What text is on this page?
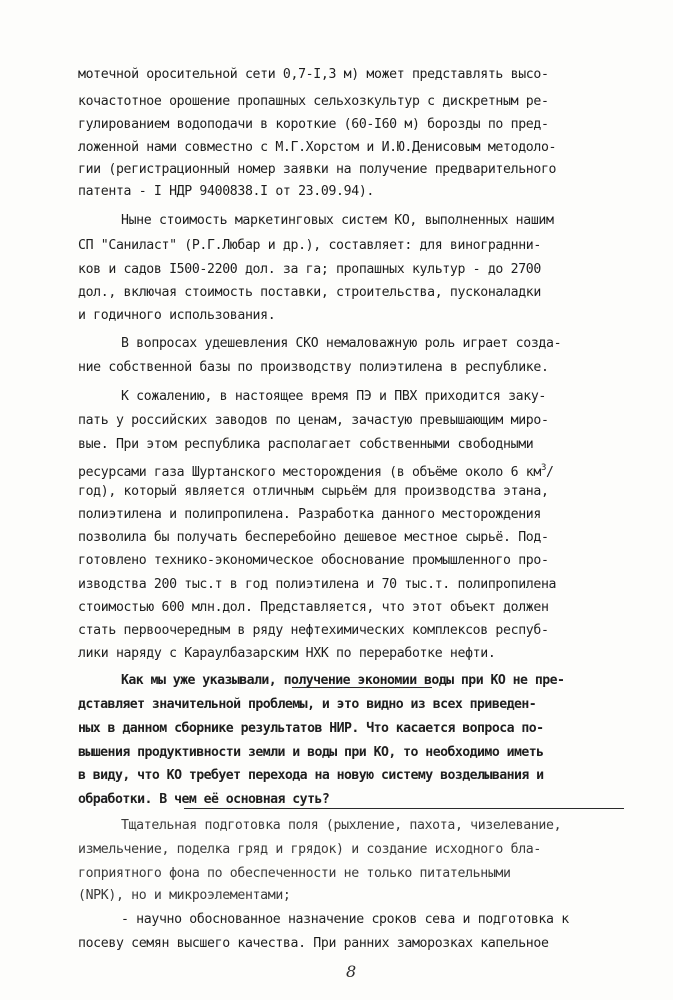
мотечной оросительной сети 0,7-I,3 м) может представлять высо-
кочастотное орошение пропашных сельхозкультур с дискретным ре-
гулированием водоподачи в короткие (60-I60 м) борозды по пред-
ложенной нами совместно с М.Г.Хорстом и И.Ю.Денисовым методоло-
гии (регистрационный номер заявки на получение предварительного
патента - I НДР 9400838.I от 23.09.94).
Ныне стоимость маркетинговых систем КО, выполненных нашим
СП "Саниласт" (Р.Г.Любар и др.), составляет: для винограднни-
ков и садов I500-2200 дол. за га; пропашных культур - до 2700
дол., включая стоимость поставки, строительства, пусконаладки
и годичного использования.
В вопросах удешевления СКО немаловажную роль играет созда-
ние собственной базы по производству полиэтилена в республике.
К сожалению, в настоящее время ПЭ и ПВХ приходится заку-
пать у российских заводов по ценам, зачастую превышающим миро-
вые. При этом республика располагает собственными свободными
ресурсами газа Шуртанского месторождения (в объёме около 6 $км^3/$
год), который является отличным сырьём для производства этана,
полиэтилена и полипропилена. Разработка данного месторождения
позволила бы получать бесперебойно дешевое местное сырьё. Под-
готовлено технико-экономическое обоснование промышленного про-
изводства 200 тыс.т в год полиэтилена и 70 тыс.т. полипропилена
стоимостью 600 млн.дол. Представляется, что этот объект должен
стать первоочередным в ряду нефтехимических комплексов респуб-
лики наряду с Караулбазарским НХК по переработке нефти.
Как мы уже указывали, получение экономии воды при КО не пре-
дставляет значительной проблемы, и это видно из всех приведен-
ных в данном сборнике результатов НИР. Что касается вопроса по-
вышения продуктивности земли и воды при КО, то необходимо иметь
в виду, что КО требует перехода на новую систему возделывания и
обработки. В чем её основная суть?
Тщательная подготовка поля (рыхление, пахота, чизелевание,
измельчение, поделка гряд и грядок) и создание исходного бла-
гоприятного фона по обеспеченности не только питательными
(NРК), но и микроэлементами;
- научно обоснованное назначение сроков сева и подготовка к
посеву семян высшего качества. При ранних заморозках капельное
8
